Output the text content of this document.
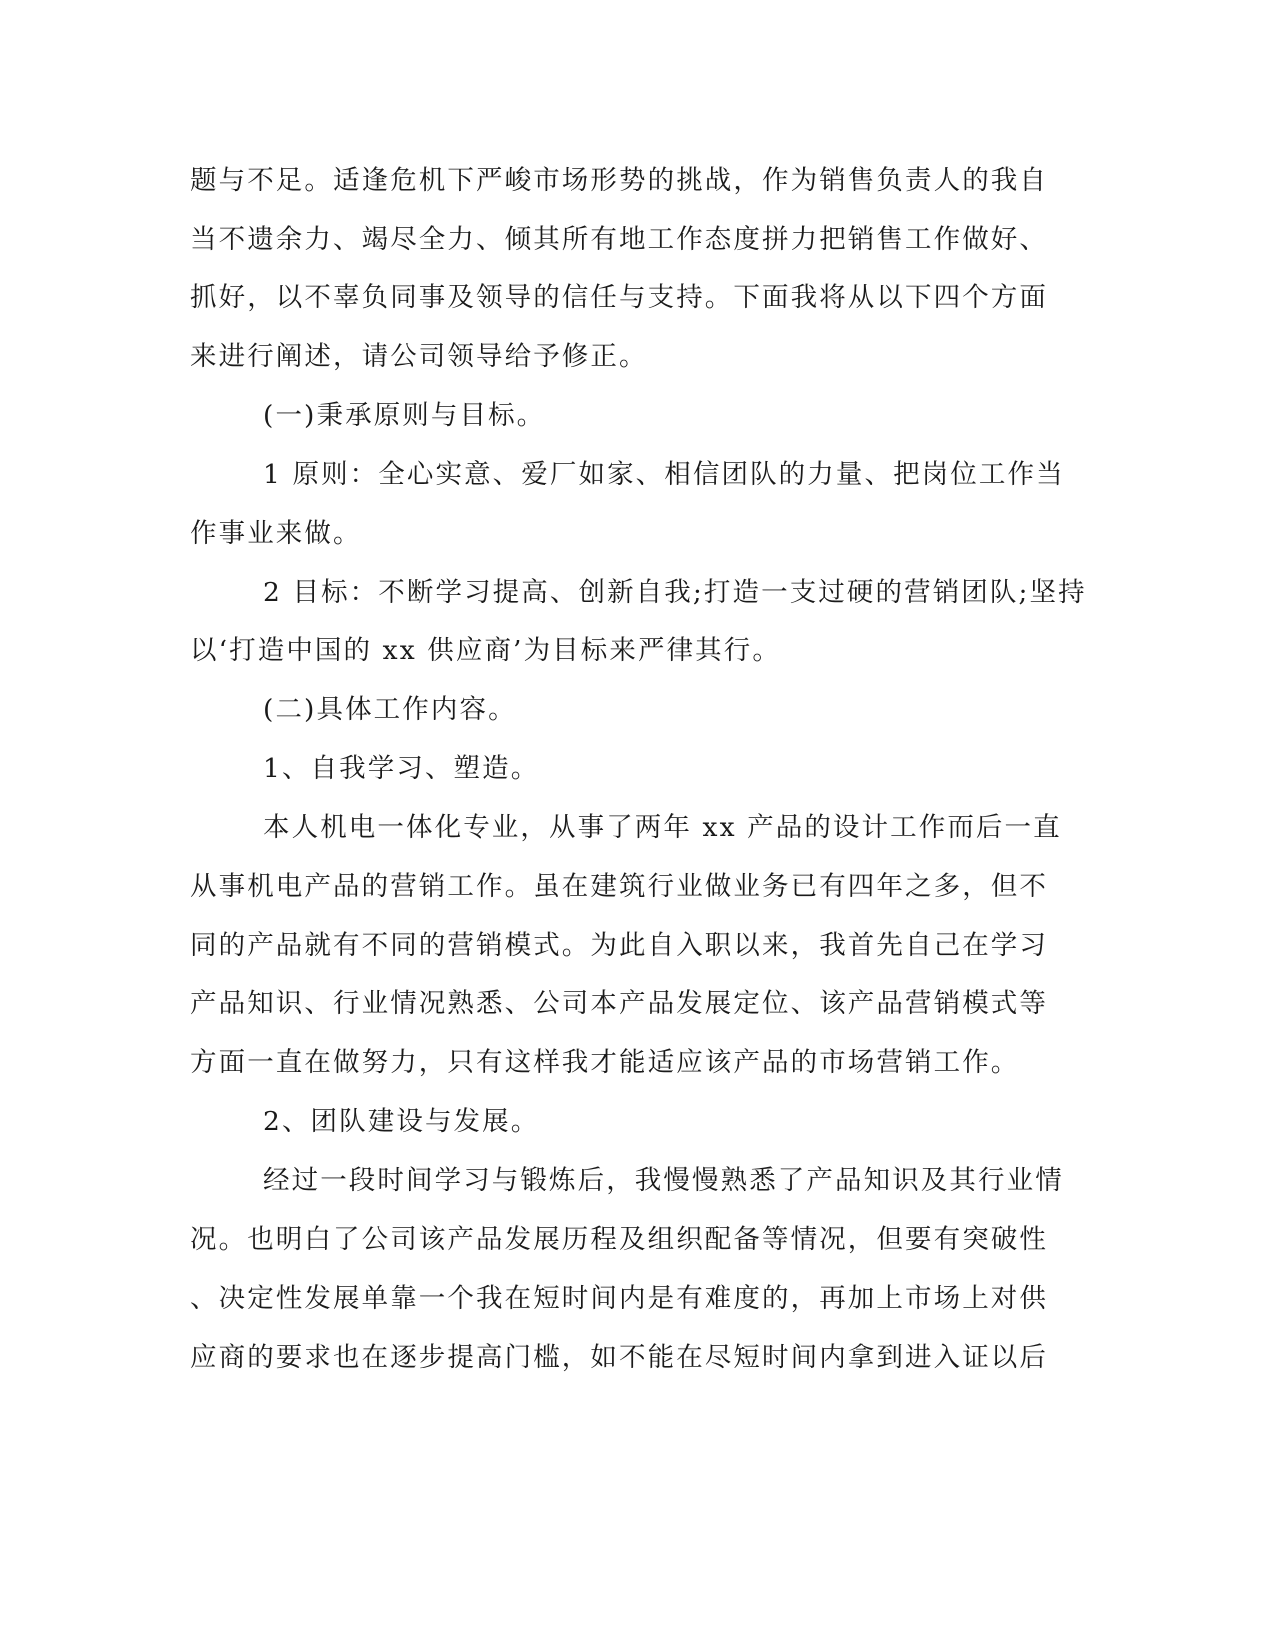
题与不足。适逢危机下严峻市场形势的挑战，作为销售负责人的我自
当不遗余力、竭尽全力、倾其所有地工作态度拼力把销售工作做好、
抓好，以不辜负同事及领导的信任与支持。下面我将从以下四个方面
来进行阐述，请公司领导给予修正。
(一)秉承原则与目标。
1 原则：全心实意、爱厂如家、相信团队的力量、把岗位工作当
作事业来做。
2 目标：不断学习提高、创新自我;打造一支过硬的营销团队;坚持
以‘打造中国的 xx 供应商’为目标来严律其行。
(二)具体工作内容。
1、自我学习、塑造。
本人机电一体化专业，从事了两年 xx 产品的设计工作而后一直
从事机电产品的营销工作。虽在建筑行业做业务已有四年之多，但不
同的产品就有不同的营销模式。为此自入职以来，我首先自己在学习
产品知识、行业情况熟悉、公司本产品发展定位、该产品营销模式等
方面一直在做努力，只有这样我才能适应该产品的市场营销工作。
2、团队建设与发展。
经过一段时间学习与锻炼后，我慢慢熟悉了产品知识及其行业情
况。也明白了公司该产品发展历程及组织配备等情况，但要有突破性
、决定性发展单靠一个我在短时间内是有难度的，再加上市场上对供
应商的要求也在逐步提高门槛，如不能在尽短时间内拿到进入证以后
